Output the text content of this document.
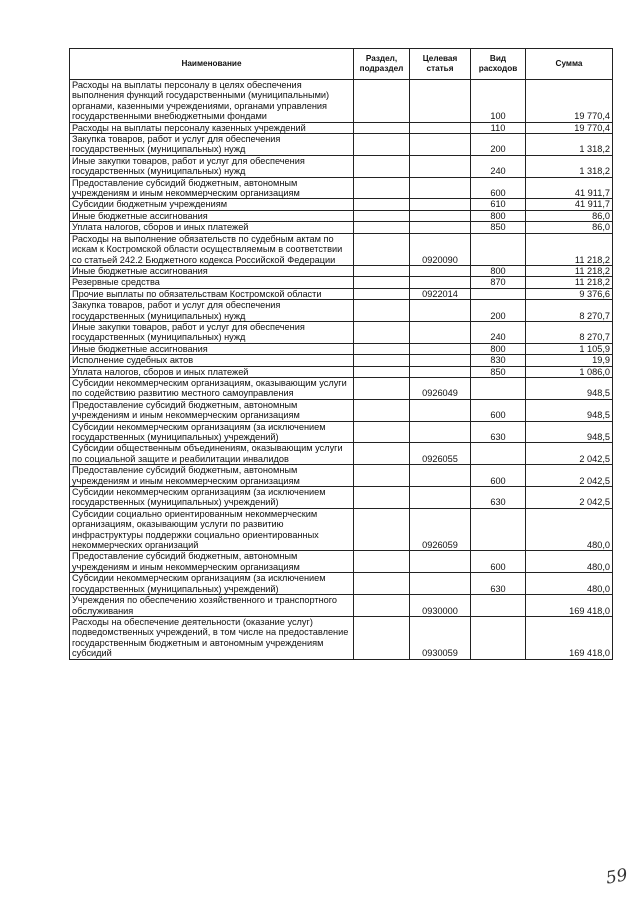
Наименование	Раздел, подраздел	Целевая статья	Вид расходов	Сумма
Расходы на выплаты персоналу в целях обеспечения выполнения функций государственными (муниципальными) органами, казенными учреждениями, органами управления государственными внебюджетными фондами			100	19 770,4
Расходы на выплаты персоналу казенных учреждений			110	19 770,4
Закупка товаров, работ и услуг для обеспечения государственных (муниципальных) нужд			200	1 318,2
Иные закупки товаров, работ и услуг для обеспечения государственных (муниципальных) нужд			240	1 318,2
Предоставление субсидий бюджетным, автономным учреждениям и иным некоммерческим организациям			600	41 911,7
Субсидии бюджетным учреждениям			610	41 911,7
Иные бюджетные ассигнования			800	86,0
Уплата налогов, сборов и иных платежей			850	86,0
Расходы на выполнение обязательств по судебным актам по искам к Костромской области осуществляемым в соответствии со статьей 242.2 Бюджетного кодекса Российской Федерации		0920090		11 218,2
Иные бюджетные ассигнования			800	11 218,2
Резервные средства			870	11 218,2
Прочие выплаты по обязательствам Костромской области		0922014		9 376,6
Закупка товаров, работ и услуг для обеспечения государственных (муниципальных) нужд			200	8 270,7
Иные закупки товаров, работ и услуг для обеспечения государственных (муниципальных) нужд			240	8 270,7
Иные бюджетные ассигнования			800	1 105,9
Исполнение судебных актов			830	19,9
Уплата налогов, сборов и иных платежей			850	1 086,0
Субсидии некоммерческим организациям, оказывающим услуги по содействию развитию местного самоуправления		0926049		948,5
Предоставление субсидий бюджетным, автономным учреждениям и иным некоммерческим организациям			600	948,5
Субсидии некоммерческим организациям (за исключением государственных (муниципальных) учреждений)			630	948,5
Субсидии общественным объединениям, оказывающим услуги по социальной защите и реабилитации инвалидов		0926055		2 042,5
Предоставление субсидий бюджетным, автономным учреждениям и иным некоммерческим организациям			600	2 042,5
Субсидии некоммерческим организациям (за исключением государственных (муниципальных) учреждений)			630	2 042,5
Субсидии социально ориентированным некоммерческим организациям, оказывающим услуги по развитию инфраструктуры поддержки социально ориентированных некоммерческих организаций		0926059		480,0
Предоставление субсидий бюджетным, автономным учреждениям и иным некоммерческим организациям			600	480,0
Субсидии некоммерческим организациям (за исключением государственных (муниципальных) учреждений)			630	480,0
Учреждения по обеспечению хозяйственного и транспортного обслуживания		0930000		169 418,0
Расходы на обеспечение деятельности (оказание услуг) подведомственных учреждений, в том числе на предоставление государственным бюджетным и автономным учреждениям субсидий		0930059		169 418,0
59
